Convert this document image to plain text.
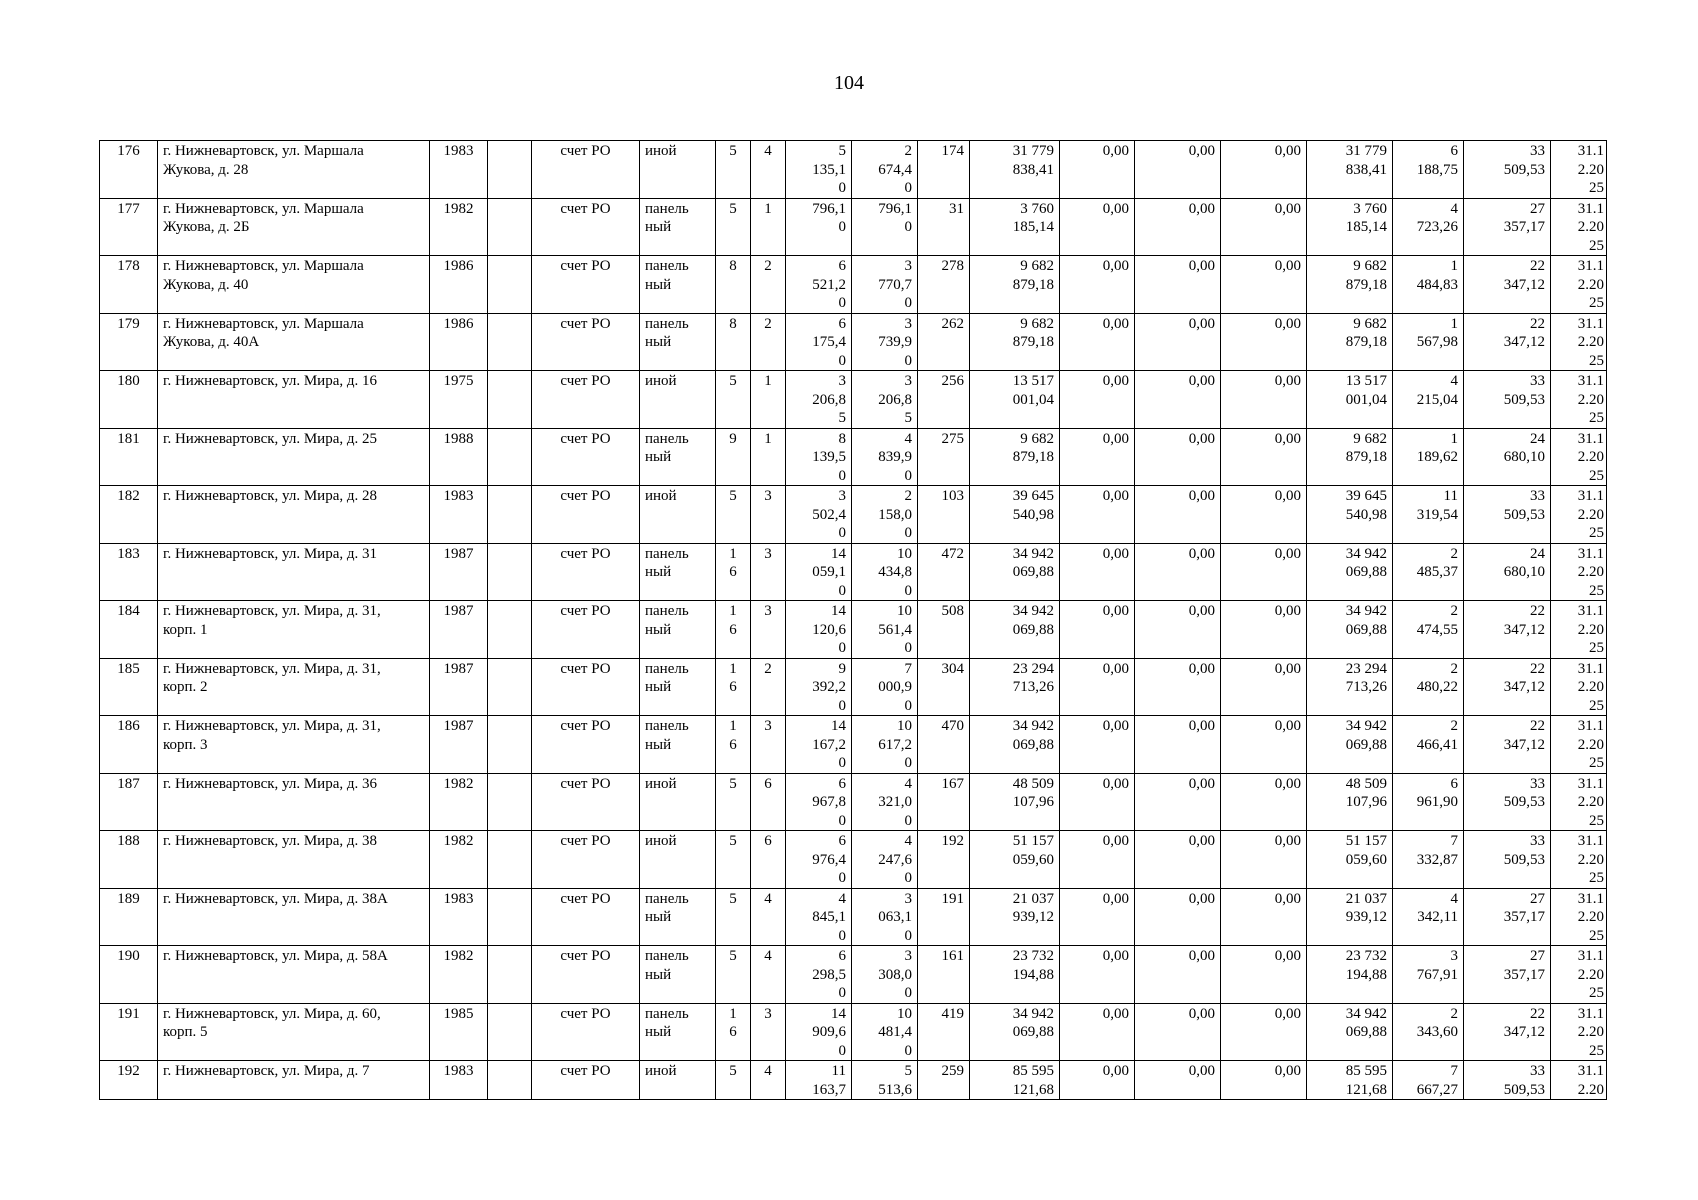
104
176	г. Нижневартовск, ул. Маршала
Жукова, д. 28	1983		счет РО	иной	5	4	5
135,1
0	2
674,4
0	174	31 779
838,41	0,00	0,00	0,00	31 779
838,41	6
188,75	33
509,53	31.1
2.20
25
177	г. Нижневартовск, ул. Маршала
Жукова, д. 2Б	1982		счет РО	панель
ный	5	1	796,1
0	796,1
0	31	3 760
185,14	0,00	0,00	0,00	3 760
185,14	4
723,26	27
357,17	31.1
2.20
25
178	г. Нижневартовск, ул. Маршала
Жукова, д. 40	1986		счет РО	панель
ный	8	2	6
521,2
0	3
770,7
0	278	9 682
879,18	0,00	0,00	0,00	9 682
879,18	1
484,83	22
347,12	31.1
2.20
25
179	г. Нижневартовск, ул. Маршала
Жукова, д. 40А	1986		счет РО	панель
ный	8	2	6
175,4
0	3
739,9
0	262	9 682
879,18	0,00	0,00	0,00	9 682
879,18	1
567,98	22
347,12	31.1
2.20
25
180	г. Нижневартовск, ул. Мира, д. 16	1975		счет РО	иной	5	1	3
206,8
5	3
206,8
5	256	13 517
001,04	0,00	0,00	0,00	13 517
001,04	4
215,04	33
509,53	31.1
2.20
25
181	г. Нижневартовск, ул. Мира, д. 25	1988		счет РО	панель
ный	9	1	8
139,5
0	4
839,9
0	275	9 682
879,18	0,00	0,00	0,00	9 682
879,18	1
189,62	24
680,10	31.1
2.20
25
182	г. Нижневартовск, ул. Мира, д. 28	1983		счет РО	иной	5	3	3
502,4
0	2
158,0
0	103	39 645
540,98	0,00	0,00	0,00	39 645
540,98	11
319,54	33
509,53	31.1
2.20
25
183	г. Нижневартовск, ул. Мира, д. 31	1987		счет РО	панель
ный	1
6	3	14
059,1
0	10
434,8
0	472	34 942
069,88	0,00	0,00	0,00	34 942
069,88	2
485,37	24
680,10	31.1
2.20
25
184	г. Нижневартовск, ул. Мира, д. 31,
корп. 1	1987		счет РО	панель
ный	1
6	3	14
120,6
0	10
561,4
0	508	34 942
069,88	0,00	0,00	0,00	34 942
069,88	2
474,55	22
347,12	31.1
2.20
25
185	г. Нижневартовск, ул. Мира, д. 31,
корп. 2	1987		счет РО	панель
ный	1
6	2	9
392,2
0	7
000,9
0	304	23 294
713,26	0,00	0,00	0,00	23 294
713,26	2
480,22	22
347,12	31.1
2.20
25
186	г. Нижневартовск, ул. Мира, д. 31,
корп. 3	1987		счет РО	панель
ный	1
6	3	14
167,2
0	10
617,2
0	470	34 942
069,88	0,00	0,00	0,00	34 942
069,88	2
466,41	22
347,12	31.1
2.20
25
187	г. Нижневартовск, ул. Мира, д. 36	1982		счет РО	иной	5	6	6
967,8
0	4
321,0
0	167	48 509
107,96	0,00	0,00	0,00	48 509
107,96	6
961,90	33
509,53	31.1
2.20
25
188	г. Нижневартовск, ул. Мира, д. 38	1982		счет РО	иной	5	6	6
976,4
0	4
247,6
0	192	51 157
059,60	0,00	0,00	0,00	51 157
059,60	7
332,87	33
509,53	31.1
2.20
25
189	г. Нижневартовск, ул. Мира, д. 38А	1983		счет РО	панель
ный	5	4	4
845,1
0	3
063,1
0	191	21 037
939,12	0,00	0,00	0,00	21 037
939,12	4
342,11	27
357,17	31.1
2.20
25
190	г. Нижневартовск, ул. Мира, д. 58А	1982		счет РО	панель
ный	5	4	6
298,5
0	3
308,0
0	161	23 732
194,88	0,00	0,00	0,00	23 732
194,88	3
767,91	27
357,17	31.1
2.20
25
191	г. Нижневартовск, ул. Мира, д. 60,
корп. 5	1985		счет РО	панель
ный	1
6	3	14
909,6
0	10
481,4
0	419	34 942
069,88	0,00	0,00	0,00	34 942
069,88	2
343,60	22
347,12	31.1
2.20
25
192	г. Нижневартовск, ул. Мира, д. 7	1983		счет РО	иной	5	4	11
163,7	5
513,6	259	85 595
121,68	0,00	0,00	0,00	85 595
121,68	7
667,27	33
509,53	31.1
2.20
